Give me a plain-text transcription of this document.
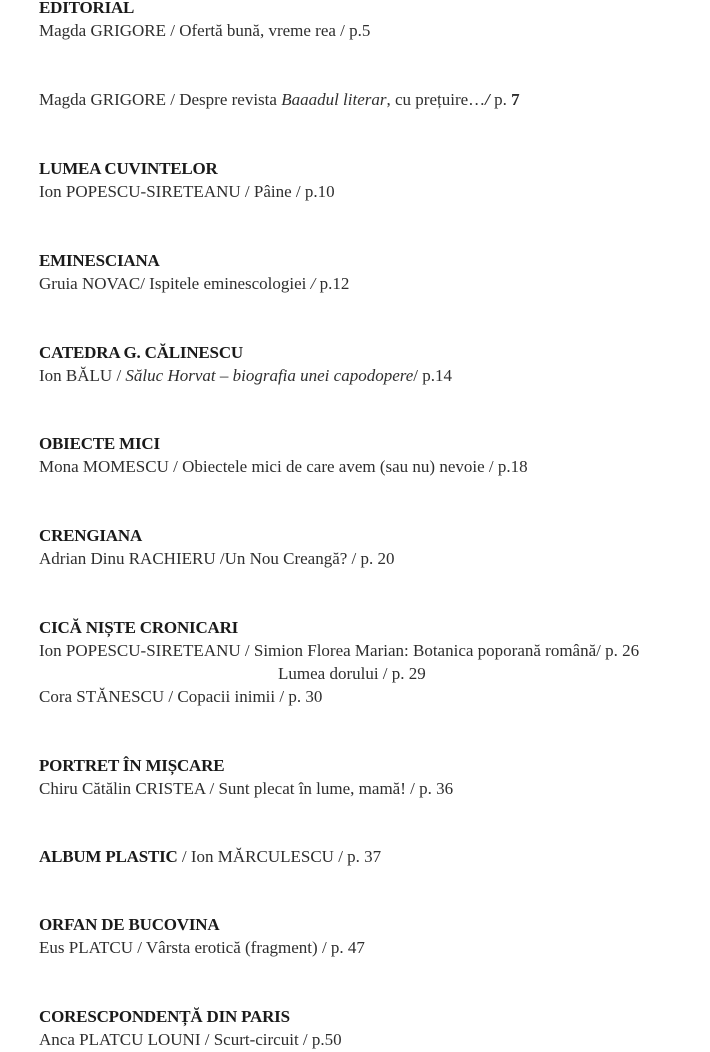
EDITORIAL
Magda GRIGORE / Ofertă bună, vreme rea / p.5
Magda GRIGORE / Despre revista Baaadul literar, cu prețuire…/ p. 7
LUMEA CUVINTELOR
Ion POPESCU-SIRETEANU / Pâine / p.10
EMINESCIANA
Gruia NOVAC/ Ispitele eminescologiei / p.12
CATEDRA G. CĂLINESCU
Ion BĂLU / Săluc Horvat – biografia unei capodopere/ p.14
OBIECTE MICI
Mona MOMESCU / Obiectele mici de care avem (sau nu) nevoie / p.18
CRENGIANA
Adrian Dinu RACHIERU /Un Nou Creangă? / p. 20
CICĂ NIȘTE CRONICARI
Ion POPESCU-SIRETEANU / Simion Florea Marian: Botanica poporană română/ p. 26
Lumea dorului / p. 29
Cora STĂNESCU / Copacii inimii / p. 30
PORTRET ÎN MIȘCARE
Chiru Cătălin CRISTEA / Sunt plecat în lume, mamă! / p. 36
ALBUM PLASTIC / Ion MĂRCULESCU / p. 37
ORFAN DE BUCOVINA
Eus PLATCU / Vârsta erotică (fragment) / p. 47
CORESCPONDENȚĂ DIN PARIS
Anca PLATCU LOUNI / Scurt-circuit / p.50
